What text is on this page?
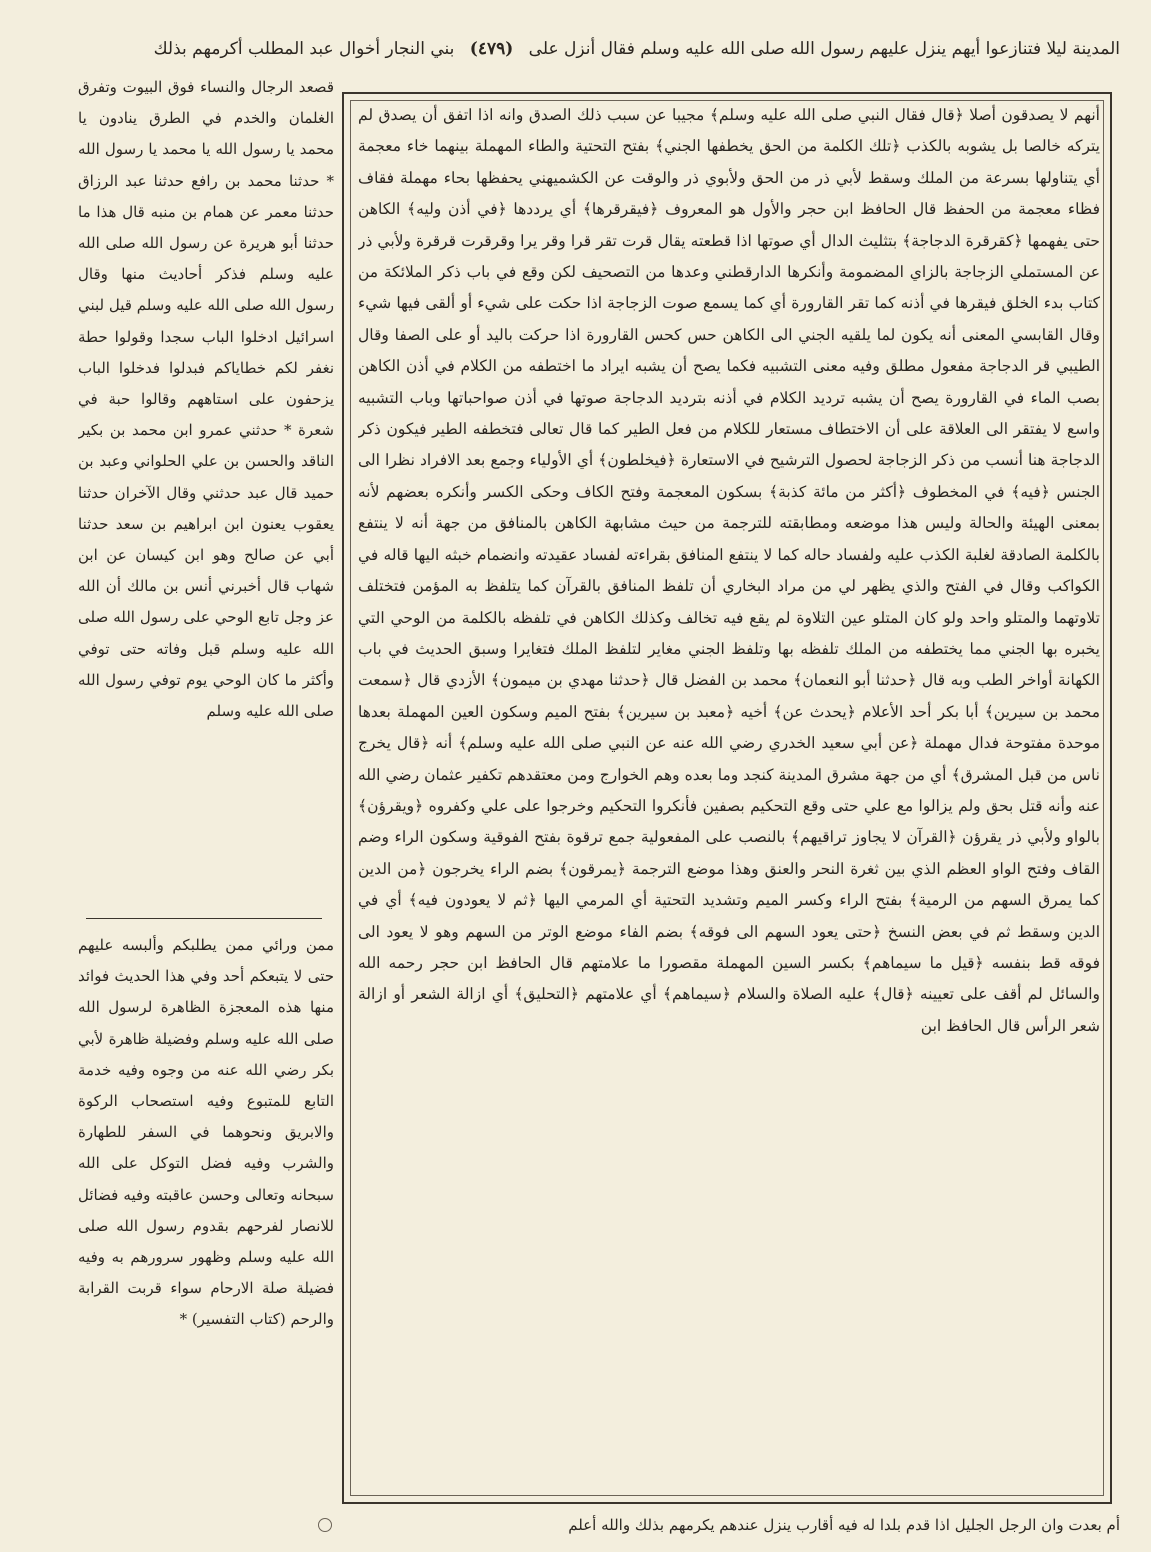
المدينة ليلا فتنازعوا أيهم ينزل عليهم رسول الله صلى الله عليه وسلم فقال أنزل على (٤٧٩) بني النجار أخوال عبد المطلب أكرمهم بذلك
أنهم لا يصدقون أصلا ﴿قال فقال النبي صلى الله عليه وسلم﴾ مجيبا عن سبب ذلك الصدق وانه اذا اتفق أن يصدق لم يتركه خالصا بل يشوبه بالكذب ﴿تلك الكلمة من الحق يخطفها الجني﴾ بفتح التحتية والطاء المهملة بينهما خاء معجمة أي يتناولها بسرعة من الملك وسقط لأبي ذر من الحق ولأبوي ذر والوقت عن الكشميهني يحفظها بحاء مهملة فقاف فظاء معجمة من الحفظ قال الحافظ ابن حجر والأول هو المعروف ﴿فيقرقرها﴾ أي يرددها ﴿في أذن وليه﴾ الكاهن حتى يفهمها ﴿كقرقرة الدجاجة﴾ بتثليث الدال أي صوتها اذا قطعته يقال قرت تقر قرا وقر يرا وقرقرت قرقرة ولأبي ذر عن المستملي الزجاجة بالزاي المضمومة وأنكرها الدارقطني وعدها من التصحيف لكن وقع في باب ذكر الملائكة من كتاب بدء الخلق فيقرها في أذنه كما تقر القارورة أي كما يسمع صوت الزجاجة اذا حكت على شيء أو ألقى فيها شيء وقال القابسي المعنى أنه يكون لما يلقيه الجني الى الكاهن حس كحس القارورة اذا حركت باليد أو على الصفا وقال الطيبي قر الدجاجة مفعول مطلق وفيه معنى التشبيه فكما يصح أن يشبه ايراد ما اختطفه من الكلام في أذن الكاهن بصب الماء في القارورة يصح أن يشبه ترديد الكلام في أذنه بترديد الدجاجة صوتها في أذن صواحباتها وباب التشبيه واسع لا يفتقر الى العلاقة على أن الاختطاف مستعار للكلام من فعل الطير كما قال تعالى فتخطفه الطير فيكون ذكر الدجاجة هنا أنسب من ذكر الزجاجة لحصول الترشيح في الاستعارة ﴿فيخلطون﴾ أي الأولياء وجمع بعد الافراد نظرا الى الجنس ﴿فيه﴾ في المخطوف ﴿أكثر من مائة كذبة﴾ بسكون المعجمة وفتح الكاف وحكى الكسر وأنكره بعضهم لأنه بمعنى الهيئة والحالة وليس هذا موضعه ومطابقته للترجمة من حيث مشابهة الكاهن بالمنافق من جهة أنه لا ينتفع بالكلمة الصادقة لغلبة الكذب عليه ولفساد حاله كما لا ينتفع المنافق بقراءته لفساد عقيدته وانضمام خبثه اليها قاله في الكواكب وقال في الفتح والذي يظهر لي من مراد البخاري أن تلفظ المنافق بالقرآن كما يتلفظ به المؤمن فتختلف تلاوتهما والمتلو واحد ولو كان المتلو عين التلاوة لم يقع فيه تخالف وكذلك الكاهن في تلفظه بالكلمة من الوحي التي يخبره بها الجني مما يختطفه من الملك تلفظه بها وتلفظ الجني مغاير لتلفظ الملك فتغايرا وسبق الحديث في باب الكهانة أواخر الطب وبه قال ﴿حدثنا أبو النعمان﴾ محمد بن الفضل قال ﴿حدثنا مهدي بن ميمون﴾ الأزدي قال ﴿سمعت محمد بن سيرين﴾ أبا بكر أحد الأعلام ﴿يحدث عن﴾ أخيه ﴿معبد بن سيرين﴾ بفتح الميم وسكون العين المهملة بعدها موحدة مفتوحة فدال مهملة ﴿عن أبي سعيد الخدري رضي الله عنه عن النبي صلى الله عليه وسلم﴾ أنه ﴿قال يخرج ناس من قبل المشرق﴾ أي من جهة مشرق المدينة كنجد وما بعده وهم الخوارج ومن معتقدهم تكفير عثمان رضي الله عنه وأنه قتل بحق ولم يزالوا مع علي حتى وقع التحكيم بصفين فأنكروا التحكيم وخرجوا على علي وكفروه ﴿ويقرؤن﴾ بالواو ولأبي ذر يقرؤن ﴿القرآن لا يجاوز تراقيهم﴾ بالنصب على المفعولية جمع ترقوة بفتح الفوقية وسكون الراء وضم القاف وفتح الواو العظم الذي بين ثغرة النحر والعنق وهذا موضع الترجمة ﴿يمرقون﴾ بضم الراء يخرجون ﴿من الدين كما يمرق السهم من الرمية﴾ بفتح الراء وكسر الميم وتشديد التحتية أي المرمي اليها ﴿ثم لا يعودون فيه﴾ أي في الدين وسقط ثم في بعض النسخ ﴿حتى يعود السهم الى فوقه﴾ بضم الفاء موضع الوتر من السهم وهو لا يعود الى فوقه قط بنفسه ﴿قيل ما سيماهم﴾ بكسر السين المهملة مقصورا ما علامتهم قال الحافظ ابن حجر رحمه الله والسائل لم أقف على تعيينه ﴿قال﴾ عليه الصلاة والسلام ﴿سيماهم﴾ أي علامتهم ﴿التحليق﴾ أي ازالة الشعر أو ازالة شعر الرأس قال الحافظ ابن
قصعد الرجال والنساء فوق البيوت وتفرق الغلمان والخدم في الطرق ينادون يا محمد يا رسول الله يا محمد يا رسول الله * حدثنا محمد بن رافع حدثنا عبد الرزاق حدثنا معمر عن همام بن منبه قال هذا ما حدثنا أبو هريرة عن رسول الله صلى الله عليه وسلم فذكر أحاديث منها وقال رسول الله صلى الله عليه وسلم قيل لبني اسرائيل ادخلوا الباب سجدا وقولوا حطة نغفر لكم خطاياكم فبدلوا فدخلوا الباب يزحفون على استاههم وقالوا حبة في شعرة * حدثني عمرو ابن محمد بن بكير الناقد والحسن بن علي الحلواني وعبد بن حميد قال عبد حدثني وقال الآخران حدثنا يعقوب يعنون ابن ابراهيم بن سعد حدثنا أبي عن صالح وهو ابن كيسان عن ابن شهاب قال أخبرني أنس بن مالك أن الله عز وجل تابع الوحي على رسول الله صلى الله عليه وسلم قبل وفاته حتى توفي وأكثر ما كان الوحي يوم توفي رسول الله صلى الله عليه وسلم
ممن ورائي ممن يطلبكم وألبسه عليهم حتى لا يتبعكم أحد وفي هذا الحديث فوائد منها هذه المعجزة الظاهرة لرسول الله صلى الله عليه وسلم وفضيلة ظاهرة لأبي بكر رضي الله عنه من وجوه وفيه خدمة التابع للمتبوع وفيه استصحاب الركوة والابريق ونحوهما في السفر للطهارة والشرب وفيه فضل التوكل على الله سبحانه وتعالى وحسن عاقبته وفيه فضائل للانصار لفرحهم بقدوم رسول الله صلى الله عليه وسلم وظهور سرورهم به وفيه فضيلة صلة الارحام سواء قربت القرابة والرحم (كتاب التفسير) *
أم بعدت وان الرجل الجليل اذا قدم بلدا له فيه أقارب ينزل عندهم يكرمهم بذلك والله أعلم
